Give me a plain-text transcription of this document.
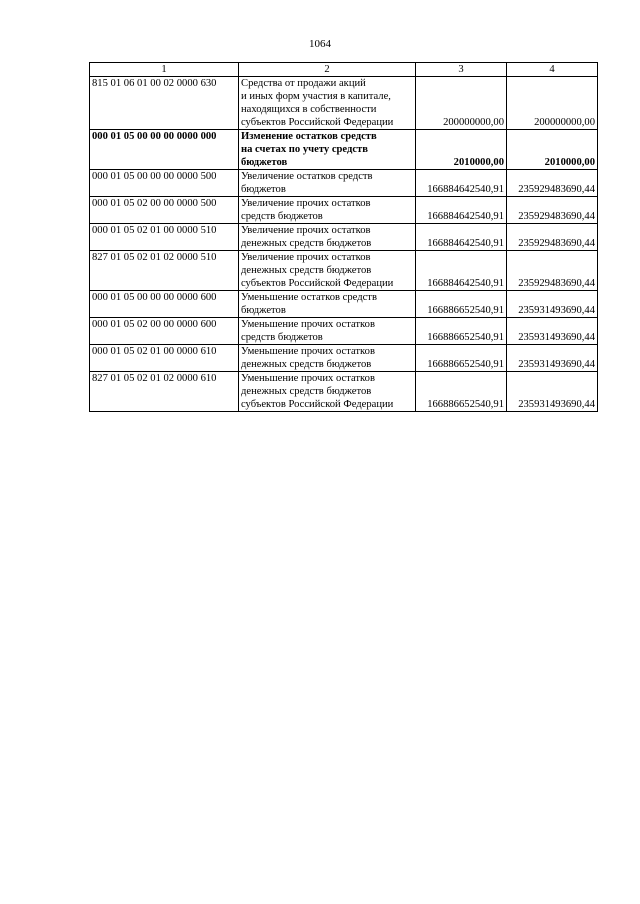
1064
1	2	3	4
815 01 06 01 00 02 0000 630	Средства от продажи акций
и иных форм участия в капитале,
находящихся в собственности
субъектов Российской Федерации	200000000,00	200000000,00
000 01 05 00 00 00 0000 000	Изменение остатков средств
на счетах по учету средств
бюджетов	2010000,00	2010000,00
000 01 05 00 00 00 0000 500	Увеличение остатков средств
бюджетов	166884642540,91	235929483690,44
000 01 05 02 00 00 0000 500	Увеличение прочих остатков
средств бюджетов	166884642540,91	235929483690,44
000 01 05 02 01 00 0000 510	Увеличение прочих остатков
денежных средств бюджетов	166884642540,91	235929483690,44
827 01 05 02 01 02 0000 510	Увеличение прочих остатков
денежных средств бюджетов
субъектов Российской Федерации	166884642540,91	235929483690,44
000 01 05 00 00 00 0000 600	Уменьшение остатков средств
бюджетов	166886652540,91	235931493690,44
000 01 05 02 00 00 0000 600	Уменьшение прочих остатков
средств бюджетов	166886652540,91	235931493690,44
000 01 05 02 01 00 0000 610	Уменьшение прочих остатков
денежных средств бюджетов	166886652540,91	235931493690,44
827 01 05 02 01 02 0000 610	Уменьшение прочих остатков
денежных средств бюджетов
субъектов Российской Федерации	166886652540,91	235931493690,44
